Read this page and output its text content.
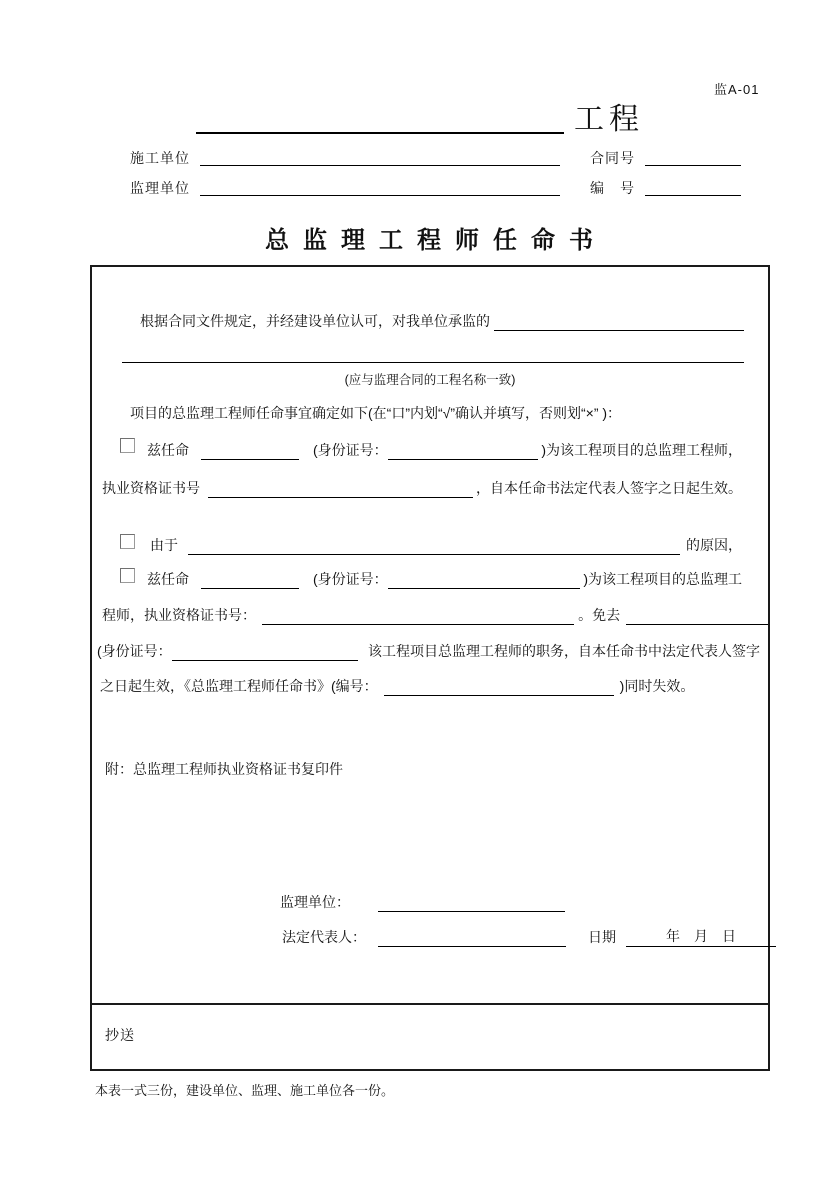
监A-01
工程
施工单位	合同号
监理单位	编　号
总监理工程师任命书
根据合同文件规定，并经建设单位认可，对我单位承监的
(应与监理合同的工程名称一致)
项目的总监理工程师任命事宜确定如下(在“口”内划“√”确认并填写，否则划“×” )：
兹任命	(身份证号：	)为该工程项目的总监理工程师，
执业资格证书号	，自本任命书法定代表人签字之日起生效。
由于	的原因，
兹任命	(身份证号：	)为该工程项目的总监理工
程师，执业资格证书号：	。免去
(身份证号：	该工程项目总监理工程师的职务，自本任命书中法定代表人签字
之日起生效，《总监理工程师任命书》(编号：	)同时失效。
附：总监理工程师执业资格证书复印件
监理单位：
法定代表人：	日期	年　月　日
抄送
本表一式三份，建设单位、监理、施工单位各一份。
